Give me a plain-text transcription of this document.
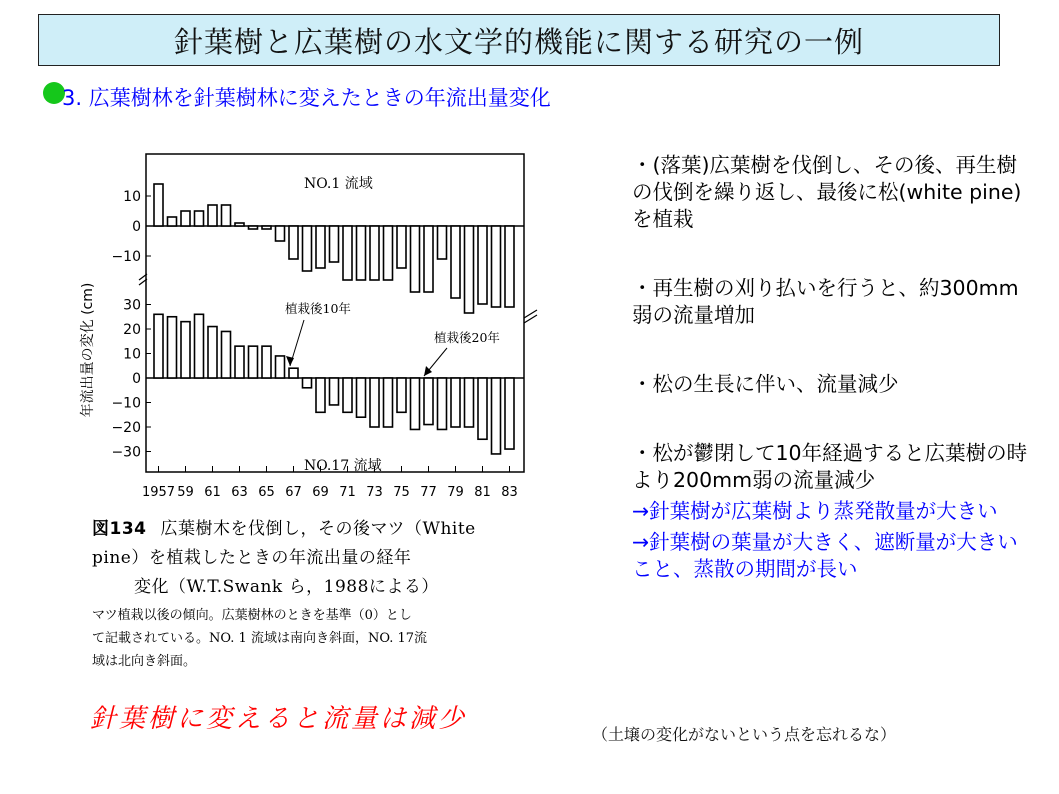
針葉樹と広葉樹の水文学的機能に関する研究の一例
3. 広葉樹林を針葉樹林に変えたときの年流出量変化
年流出量の変化 (cm)
NO.1 流域
NO.17 流域
植栽後10年
植栽後20年
10
0
−10
30
20
10
0
−10
−20
−30
1957 59 61 63 65 67 69 71 73 75 77 79 81 83
図134 広葉樹木を伐倒し，その後マツ（White
pine）を植栽したときの年流出量の経年
変化（W.T.Swank ら，1988による）
マツ植栽以後の傾向。広葉樹林のときを基準（0）とし
て記載されている。NO. 1 流域は南向き斜面，NO. 17流
域は北向き斜面。

・(落葉)広葉樹を伐倒し、その後、再生樹の伐倒を繰り返し、最後に松(white pine)を植栽

・再生樹の刈り払いを行うと、約300mm弱の流量増加

・松の生長に伴い、流量減少

・松が鬱閉して10年経過すると広葉樹の時より200mm弱の流量減少

→針葉樹が広葉樹より蒸発散量が大きい

→針葉樹の葉量が大きく、遮断量が大きいこと、蒸散の期間が長い

針葉樹に変えると流量は減少
（土壌の変化がないという点を忘れるな）
